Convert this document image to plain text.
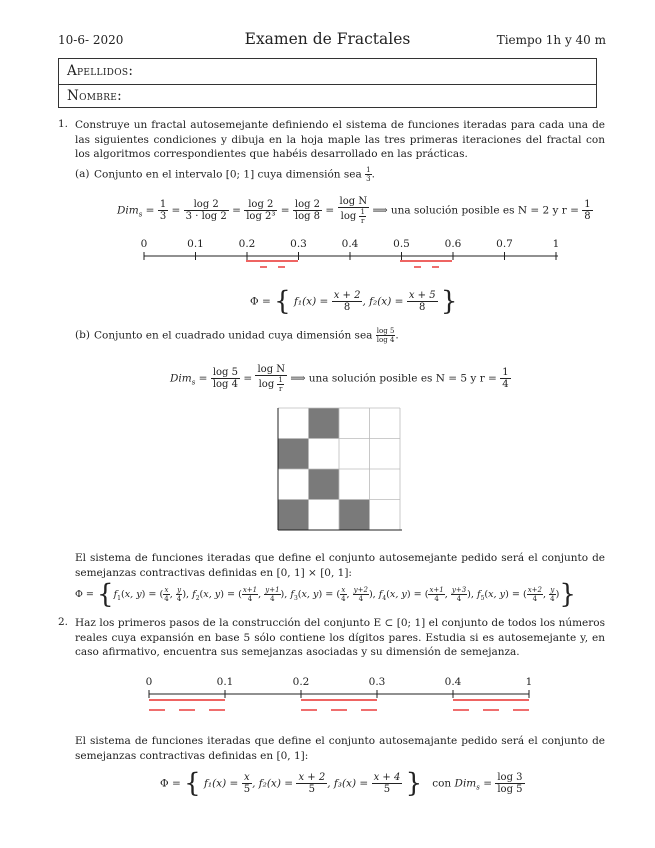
10-6- 2020	Examen de Fractales	Tiempo 1h y 40 m
Apellidos:
Nombre:
1. Construye un fractal autosemejante definiendo el sistema de funciones iteradas para cada una de las siguientes condiciones y dibuja en la hoja maple las tres primeras iteraciones del fractal con los algoritmos correspondientes que habéis desarrollado en las prácticas.
(a) Conjunto en el intervalo [0; 1] cuya dimensión sea $\frac{1}{3}$ .
$Dim_s = \frac{1}{3} = \frac{\log 2}{3 \cdot \log 2} = \frac{\log 2}{\text{log 2³}} = \frac{\log 2}{\log 8} = \frac{\text{log N}}{\log \frac{1}{r}}$ ⟹ una solución posible es N = 2 y $r = \frac{1}{8}$
0	0.1	0.2	0.3	0.4	0.5	0.6	0.7	1
Φ = { $f_1(x) = \frac{x + 2}{8}$ , $f_2(x) = \frac{x + 5}{8}$ }
(b) Conjunto en el cuadrado unidad cuya dimensión sea $\frac{\log 5}{\log 4}$ .
$Dim_s = \frac{\log 5}{\log 4} = \frac{\text{log N}}{\log \frac{1}{r}}$ ⟹ una solución posible es N = 5 y $r = \frac{1}{4}$
El sistema de funciones iteradas que define el conjunto autosemejante pedido será el conjunto de semejanzas contractivas definidas en [0, 1] × [0, 1]:
$\Phi = \{f_1(x$, y) = ( $\frac{x}{4}$ , $\frac{y}{4}$ ), $f_2(x$, y) = ( $\frac{x+1}{4}$ , $\frac{y+1}{4}$ ), $f_3(x$, y) = ( $\frac{x}{4}$ , $\frac{y+2}{4}$ ), $f_4(x$, y) = ( $\frac{x+1}{4}$ , $\frac{y+3}{4}$ ), $f_5(x$, y) = ( $\frac{x+2}{4}$ , $\frac{y}{4}$ )}
2. Haz los primeros pasos de la construcción del conjunto E ⊂ [0; 1] el conjunto de todos los números reales cuya expansión en base 5 sólo contiene los dígitos pares. Estudia si es autosemejante y, en caso afirmativo, encuentra sus semejanzas asociadas y su dimensión de semejanza.
0	0.1	0.2	0.3	0.4	1
El sistema de funciones iteradas que define el conjunto autosemajante pedido será el conjunto de semejanzas contractivas definidas en [0, 1]:
Φ = { $f_1(x) = \frac{x}{5}$ , $f_2(x) = \frac{x + 2}{5}$ , $f_3(x) = \frac{x + 4}{5}$ } con $Dim_s = \frac{\log 3}{\log 5}$
